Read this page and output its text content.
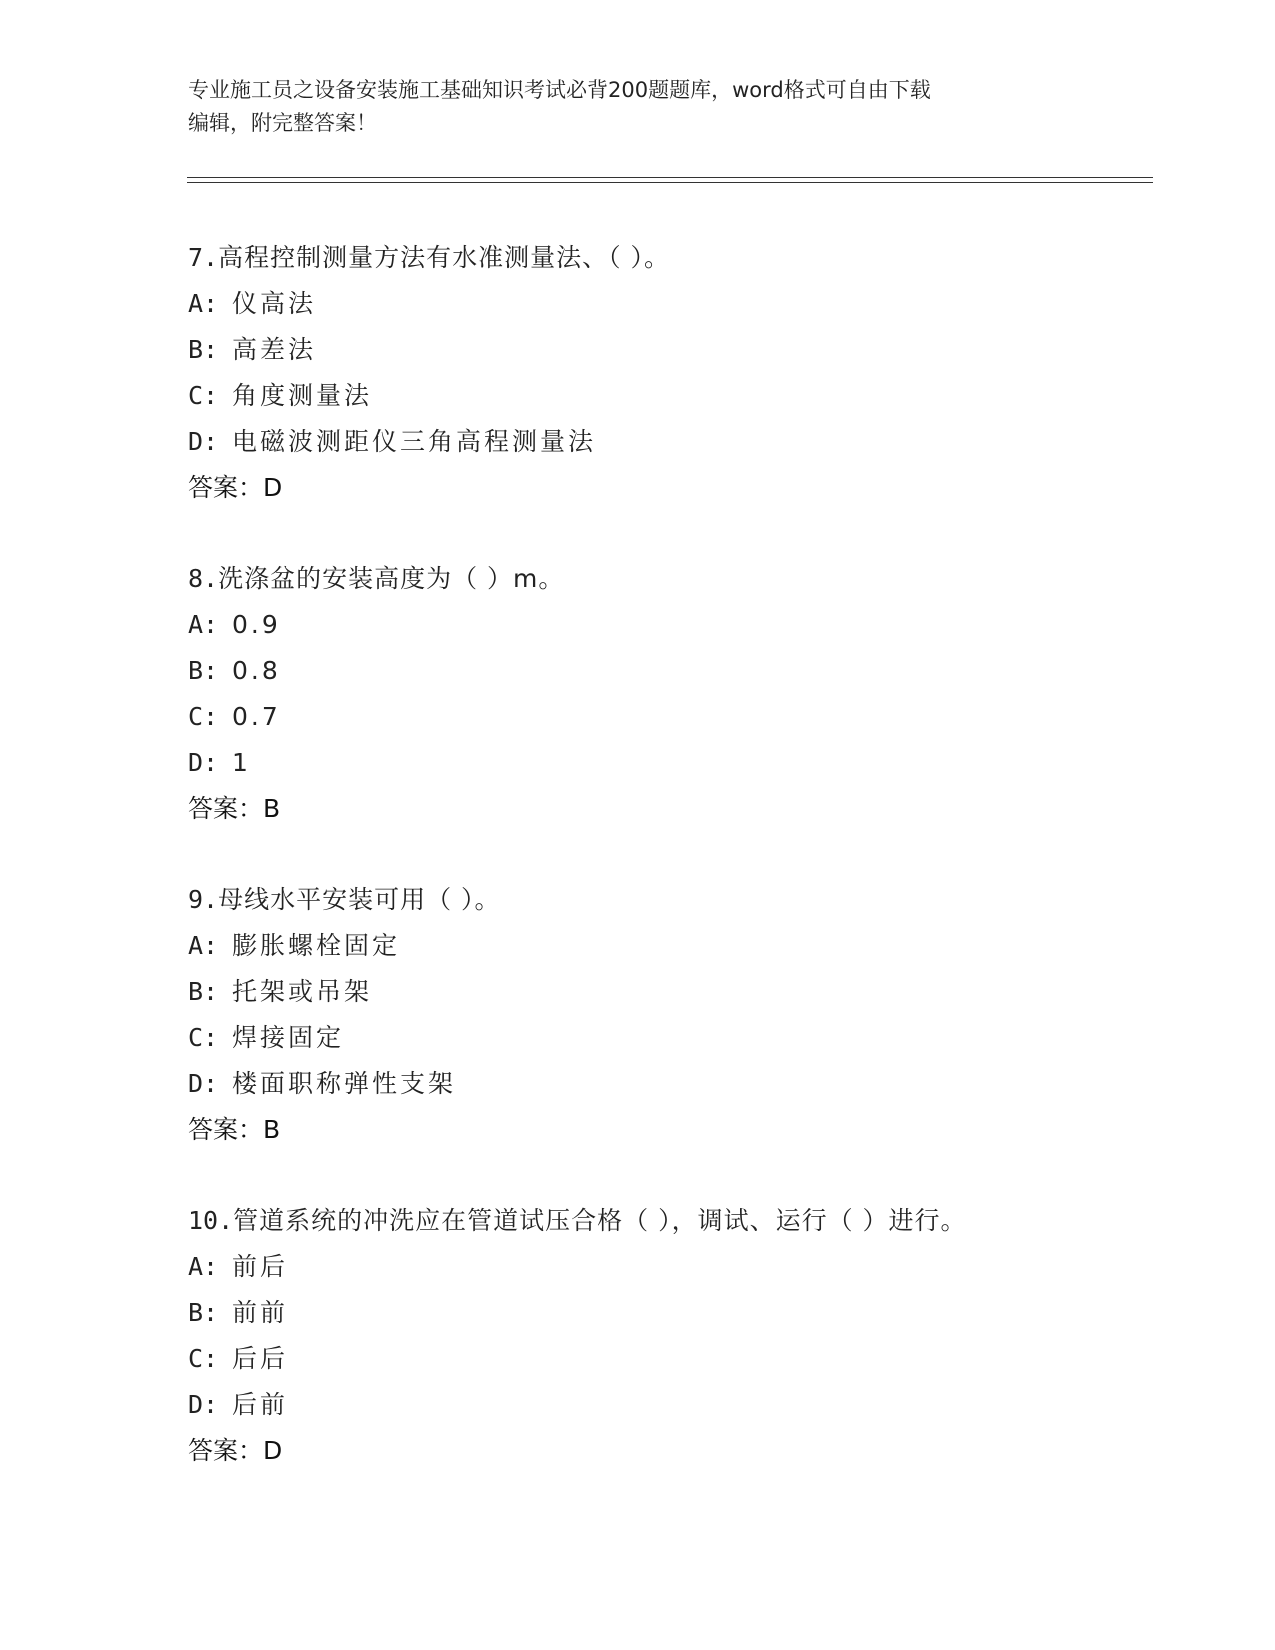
专业施工员之设备安装施工基础知识考试必背200题题库，word格式可自由下载
编辑，附完整答案！
7.高程控制测量方法有水准测量法、（ ）。
A: 仪高法
B: 高差法
C: 角度测量法
D: 电磁波测距仪三角高程测量法
答案：D
8.洗涤盆的安装高度为（ ）m。
A: 0.9
B: 0.8
C: 0.7
D: 1
答案：B
9.母线水平安装可用（ ）。
A: 膨胀螺栓固定
B: 托架或吊架
C: 焊接固定
D: 楼面职称弹性支架
答案：B
10.管道系统的冲洗应在管道试压合格（ ），调试、运行（ ）进行。
A: 前后
B: 前前
C: 后后
D: 后前
答案：D
